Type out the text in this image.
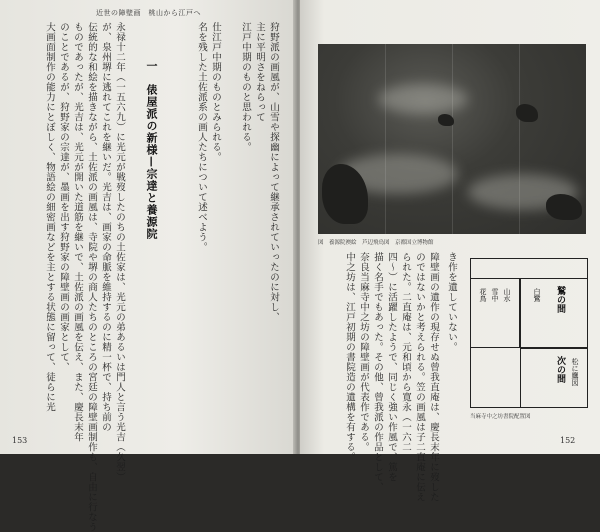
近世の障壁画　桃山から江戸へ
狩野派の画風が、山雪や探幽によって継承されていったのに対し、
主に平明さをねらって
江戸中期のものと思われる。
仕江戸中期のものとみられる。
名を残した土佐派系の画人たちについて述べよう。
一　俵屋派の新様—宗達と養源院
永禄十二年（一五六九）に光元が戦歿したのちの土佐家は、光元の弟あるいは門人と言う光吉（久翌）
が、泉州堺に逃れてこれを継いだ。光吉は、画家の命脈を維持するのに精一杯で、持ち前の
伝統的な和絵を描きながら、土佐派の画風は、寺院や堺の商人たちのところの宮廷の障壁画制作も、自由に行なう
ものであったが、光吉は、光元が開いた道筋を継いで、土佐派の画風を伝え、また、慶長末年
のことであるが、狩野家の宗達が、墨画を出す狩野家の障壁画の画家として、
大画面制作の能力にとぼしく、物語絵の細密画などを主とする状態に留って、徒らに光
153
図　養源院襖絵　芦辺飛鳥図　京都国立博物館
き作を遺していない。
障壁画の遺作の現存せぬ曾我直庵は、慶長末年に歿した
のではないかと考えられる。笠の画風は子二直庵に伝え
られた。二直庵は、元和頃から寛永（一六二
四〜）に活躍したようで、同じく強い作風で、篤を
描く名手でもあった。その他、曾我派の作品として、
奈良当麻寺中之坊の障壁画が代表作である。
中之坊は、江戸初期の書院造の遺構を有する。	鷲の間
次の間
白鷺
松に鷹図
雪中
花鳥 山水
当麻寺中之坊書院配置図
152
